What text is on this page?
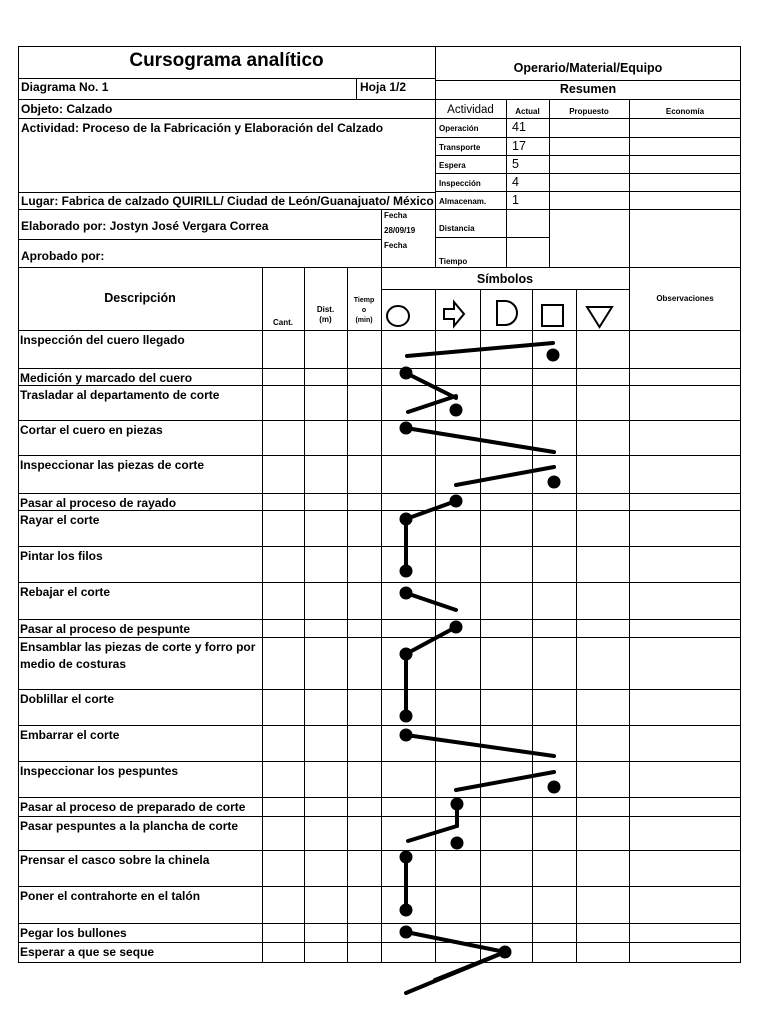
Cursograma analítico
Diagrama No. 1	Hoja 1/2
Objeto: Calzado
Actividad: Proceso de la Fabricación y Elaboración del Calzado
Lugar: Fabrica de calzado QUIRILL/ Ciudad de León/Guanajuato/ México
Elaborado por: Jostyn José Vergara Correa
Fecha
28/09/19
Aprobado por:
Fecha
Operario/Material/Equipo
Resumen
Actividad	Actual	Propuesto	Economía
Operación	41
Transporte	17
Espera	5
Inspección 4
Almacenam. 1
Distancia
Tiempo
Descripción
Cant.
Dist.
(m)
Tiemp
o
(min)
Símbolos
Observaciones
Inspección del cuero llegado
Medición y marcado del cuero
Trasladar al departamento de corte
Cortar el cuero en piezas
Inspeccionar las piezas de corte
Pasar al proceso de rayado
Rayar el corte
Pintar los filos
Rebajar el corte
Pasar al proceso de pespunte
Ensamblar las piezas de corte y forro por medio de costuras
Doblillar el corte
Embarrar el corte
Inspeccionar los pespuntes
Pasar al proceso de preparado de corte
Pasar pespuntes a la plancha de corte
Prensar el casco sobre la chinela
Poner el contrahorte en el talón
Pegar los bullones
Esperar a que se seque
